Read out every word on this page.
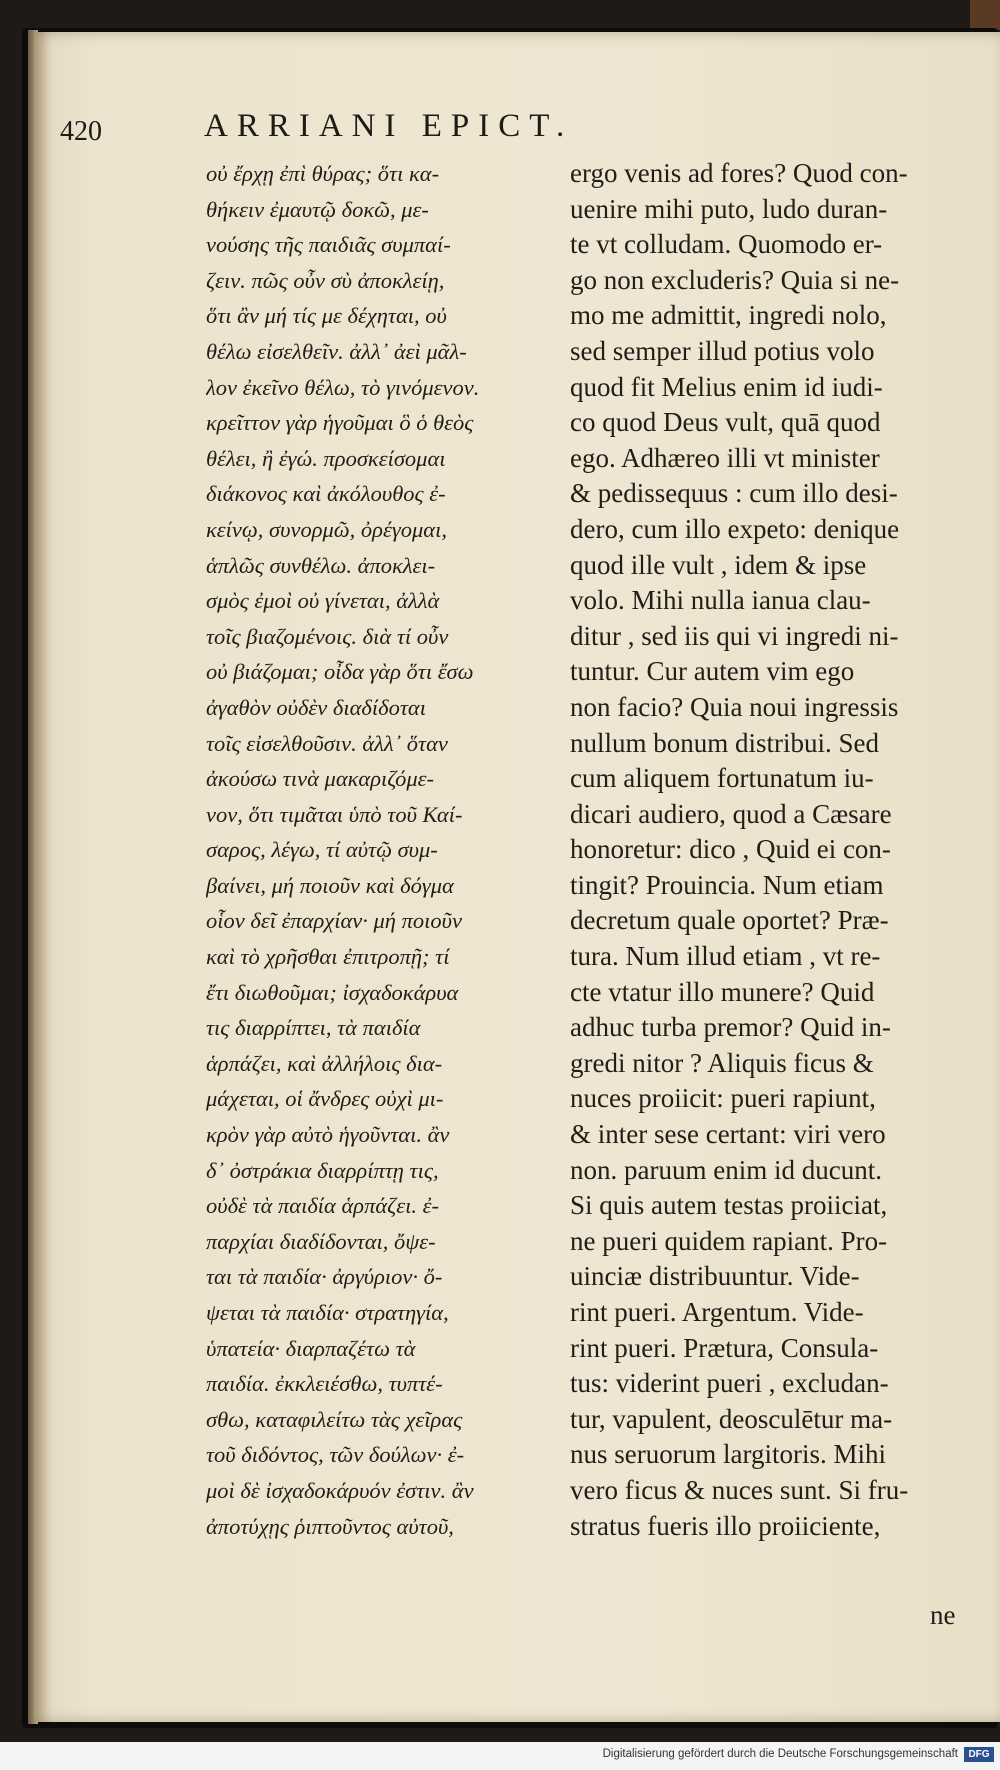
420	ARRIANI EPICT.
οὐ ἔρχῃ ἐπὶ θύρας; ὅτι κα-
θήκειν ἐμαυτῷ δοκῶ, με-
νούσης τῆς παιδιᾶς συμπαί-
ζειν. πῶς οὖν σὺ ἀποκλείῃ,
ὅτι ἂν μή τίς με δέχηται, οὐ
θέλω εἰσελθεῖν. ἀλλ᾽ ἀεὶ μᾶλ-
λον ἐκεῖνο θέλω, τὸ γινόμενον.
κρεῖττον γὰρ ἡγοῦμαι ὃ ὁ θεὸς
θέλει, ἢ ἐγώ. προσκείσομαι
διάκονος καὶ ἀκόλουθος ἐ-
κείνῳ, συνορμῶ, ὀρέγομαι,
ἁπλῶς συνθέλω. ἀποκλει-
σμὸς ἐμοὶ οὐ γίνεται, ἀλλὰ
τοῖς βιαζομένοις. διὰ τί οὖν
οὐ βιάζομαι; οἶδα γὰρ ὅτι ἔσω
ἀγαθὸν οὐδὲν διαδίδοται
τοῖς εἰσελθοῦσιν. ἀλλ᾽ ὅταν
ἀκούσω τινὰ μακαριζόμε-
νον, ὅτι τιμᾶται ὑπὸ τοῦ Καί-
σαρος, λέγω, τί αὐτῷ συμ-
βαίνει, μή ποιοῦν καὶ δόγμα
οἷον δεῖ ἐπαρχίαν· μή ποιοῦν
καὶ τὸ χρῆσθαι ἐπιτροπῇ; τί
ἔτι διωθοῦμαι; ἰσχαδοκάρυα
τις διαρρίπτει, τὰ παιδία
ἁρπάζει, καὶ ἀλλήλοις δια-
μάχεται, οἱ ἄνδρες οὐχὶ μι-
κρὸν γὰρ αὐτὸ ἡγοῦνται. ἂν
δ᾽ ὀστράκια διαρρίπτῃ τις,
οὐδὲ τὰ παιδία ἁρπάζει. ἐ-
παρχίαι διαδίδονται, ὄψε-
ται τὰ παιδία· ἀργύριον· ὄ-
ψεται τὰ παιδία· στρατηγία,
ὑπατεία· διαρπαζέτω τὰ
παιδία. ἐκκλειέσθω, τυπτέ-
σθω, καταφιλείτω τὰς χεῖρας
τοῦ διδόντος, τῶν δούλων· ἐ-
μοὶ δὲ ἰσχαδοκάρυόν ἐστιν. ἂν
ἀποτύχῃς ῥιπτοῦντος αὐτοῦ,
ergo venis ad fores? Quod con-
uenire mihi puto, ludo duran-
te vt colludam. Quomodo er-
go non excluderis? Quia si ne-
mo me admittit, ingredi nolo,
sed semper illud potius volo
quod fit Melius enim id iudi-
co quod Deus vult, quā quod
ego. Adhæreo illi vt minister
& pedissequus : cum illo desi-
dero, cum illo expeto: denique
quod ille vult , idem & ipse
volo. Mihi nulla ianua clau-
ditur , sed iis qui vi ingredi ni-
tuntur. Cur autem vim ego
non facio? Quia noui ingressis
nullum bonum distribui. Sed
cum aliquem fortunatum iu-
dicari audiero, quod a Cæsare
honoretur: dico , Quid ei con-
tingit? Prouincia. Num etiam
decretum quale oportet? Præ-
tura. Num illud etiam , vt re-
cte vtatur illo munere? Quid
adhuc turba premor? Quid in-
gredi nitor ? Aliquis ficus &
nuces proiicit: pueri rapiunt,
& inter sese certant: viri vero
non. paruum enim id ducunt.
Si quis autem testas proiiciat,
ne pueri quidem rapiant. Pro-
uinciæ distribuuntur. Vide-
rint pueri. Argentum. Vide-
rint pueri. Prætura, Consula-
tus: viderint pueri , excludan-
tur, vapulent, deosculētur ma-
nus seruorum largitoris. Mihi
vero ficus & nuces sunt. Si fru-
stratus fueris illo proiiciente,
ne
Digitalisierung gefördert durch die Deutsche Forschungsgemeinschaft	DFG
